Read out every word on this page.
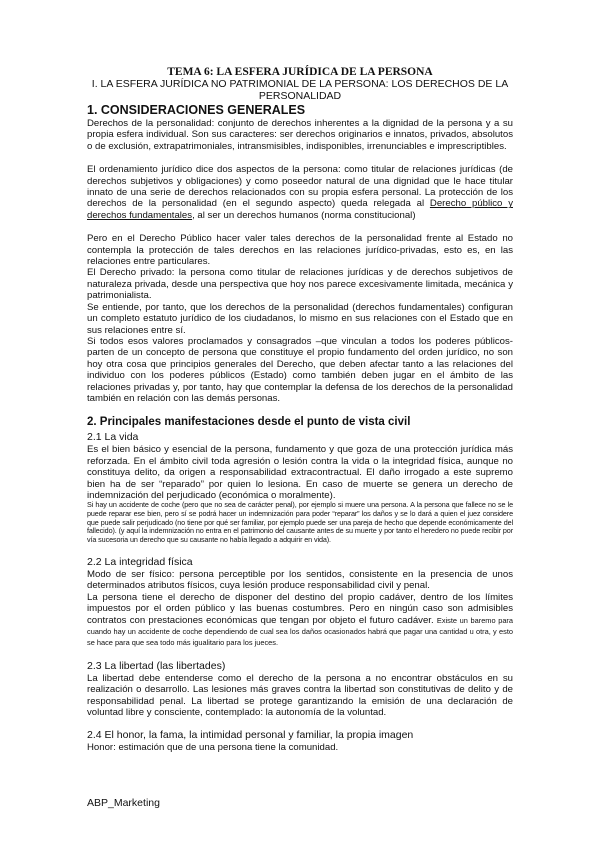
TEMA 6: LA ESFERA JURÍDICA DE LA PERSONA
I. LA ESFERA JURÍDICA NO PATRIMONIAL DE LA PERSONA: LOS DERECHOS DE LA PERSONALIDAD
1. CONSIDERACIONES GENERALES

Derechos de la personalidad: conjunto de derechos inherentes a la dignidad de la persona y a su propia esfera individual. Son sus caracteres: ser derechos originarios e innatos, privados, absolutos o de exclusión, extrapatrimoniales, intransmisibles, indisponibles, irrenunciables e imprescriptibles.

El ordenamiento jurídico dice dos aspectos de la persona: como titular de relaciones jurídicas (de derechos subjetivos y obligaciones) y como poseedor natural de una dignidad que le hace titular innato de una serie de derechos relacionados con su propia esfera personal. La protección de los derechos de la personalidad (en el segundo aspecto) queda relegada al Derecho público y derechos fundamentales, al ser un derechos humanos (norma constitucional)

Pero en el Derecho Público hacer valer tales derechos de la personalidad frente al Estado no contempla la protección de tales derechos en las relaciones jurídico-privadas, esto es, en las relaciones entre particulares.

El Derecho privado: la persona como titular de relaciones jurídicas y de derechos subjetivos de naturaleza privada, desde una perspectiva que hoy nos parece excesivamente limitada, mecánica y patrimonialista.

Se entiende, por tanto, que los derechos de la personalidad (derechos fundamentales) configuran un completo estatuto jurídico de los ciudadanos, lo mismo en sus relaciones con el Estado que en sus relaciones entre sí.

Si todos esos valores proclamados y consagrados –que vinculan a todos los poderes públicos- parten de un concepto de persona que constituye el propio fundamento del orden jurídico, no son hoy otra cosa que principios generales del Derecho, que deben afectar tanto a las relaciones del individuo con los poderes públicos (Estado) como también deben jugar en el ámbito de las relaciones privadas y, por tanto, hay que contemplar la defensa de los derechos de la personalidad también en relación con las demás personas.

2. Principales manifestaciones desde el punto de vista civil
2.1 La vida

Es el bien básico y esencial de la persona, fundamento y que goza de una protección jurídica más reforzada. En el ámbito civil toda agresión o lesión contra la vida o la integridad física, aunque no constituya delito, da origen a responsabilidad extracontractual. El daño irrogado a este supremo bien ha de ser “reparado” por quien lo lesiona. En caso de muerte se genera un derecho de indemnización del perjudicado (económica o moralmente).

Si hay un accidente de coche (pero que no sea de carácter penal), por ejemplo si muere una persona. A la persona que fallece no se le puede reparar ese bien, pero sí se podrá hacer un indemnización para poder “reparar” los daños y se lo dará a quien el juez considere que puede salir perjudicado (no tiene por qué ser familiar, por ejemplo puede ser una pareja de hecho que depende económicamente del fallecido). (y aquí la indemnización no entra en el patrimonio del causante antes de su muerte y por tanto el heredero no puede recibir por vía sucesoria un derecho que su causante no había llegado a adquirir en vida).

2.2 La integridad física

Modo de ser físico: persona perceptible por los sentidos, consistente en la presencia de unos determinados atributos físicos, cuya lesión produce responsabilidad civil y penal.

La persona tiene el derecho de disponer del destino del propio cadáver, dentro de los límites impuestos por el orden público y las buenas costumbres. Pero en ningún caso son admisibles contratos con prestaciones económicas que tengan por objeto el futuro cadáver. Existe un baremo para cuando hay un accidente de coche dependiendo de cual sea los daños ocasionados habrá que pagar una cantidad u otra, y esto se hace para que sea todo más igualitario para los jueces.

2.3 La libertad (las libertades)

La libertad debe entenderse como el derecho de la persona a no encontrar obstáculos en su realización o desarrollo. Las lesiones más graves contra la libertad son constitutivas de delito y de responsabilidad penal. La libertad se protege garantizando la emisión de una declaración de voluntad libre y consciente, contemplado: la autonomía de la voluntad.

2.4 El honor, la fama, la intimidad personal y familiar, la propia imagen

Honor: estimación que de una persona tiene la comunidad.

ABP_Marketing
